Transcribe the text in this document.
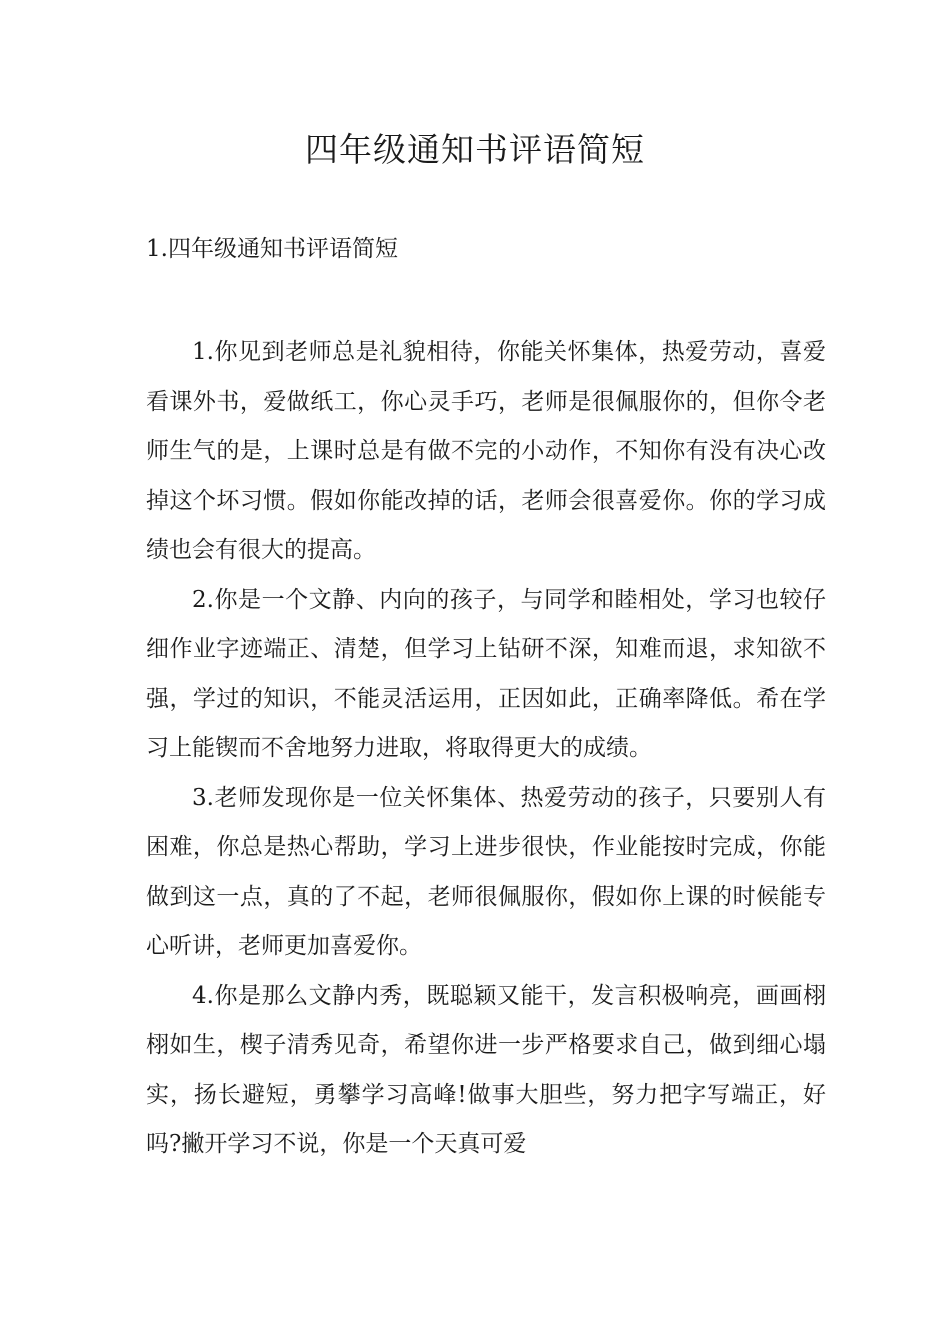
四年级通知书评语简短
1.四年级通知书评语简短

1.你见到老师总是礼貌相待，你能关怀集体，热爱劳动，喜爱看课外书，爱做纸工，你心灵手巧，老师是很佩服你的，但你令老师生气的是，上课时总是有做不完的小动作，不知你有没有决心改掉这个坏习惯。假如你能改掉的话，老师会很喜爱你。你的学习成绩也会有很大的提高。

2.你是一个文静、内向的孩子，与同学和睦相处，学习也较仔细作业字迹端正、清楚，但学习上钻研不深，知难而退，求知欲不强，学过的知识，不能灵活运用，正因如此，正确率降低。希在学习上能锲而不舍地努力进取，将取得更大的成绩。

3.老师发现你是一位关怀集体、热爱劳动的孩子，只要别人有困难，你总是热心帮助，学习上进步很快，作业能按时完成，你能做到这一点，真的了不起，老师很佩服你，假如你上课的时候能专心听讲，老师更加喜爱你。

4.你是那么文静内秀，既聪颖又能干，发言积极响亮，画画栩栩如生，楔子清秀见奇，希望你进一步严格要求自己，做到细心塌实，扬长避短，勇攀学习高峰!做事大胆些，努力把字写端正，好吗?撇开学习不说，你是一个天真可爱
